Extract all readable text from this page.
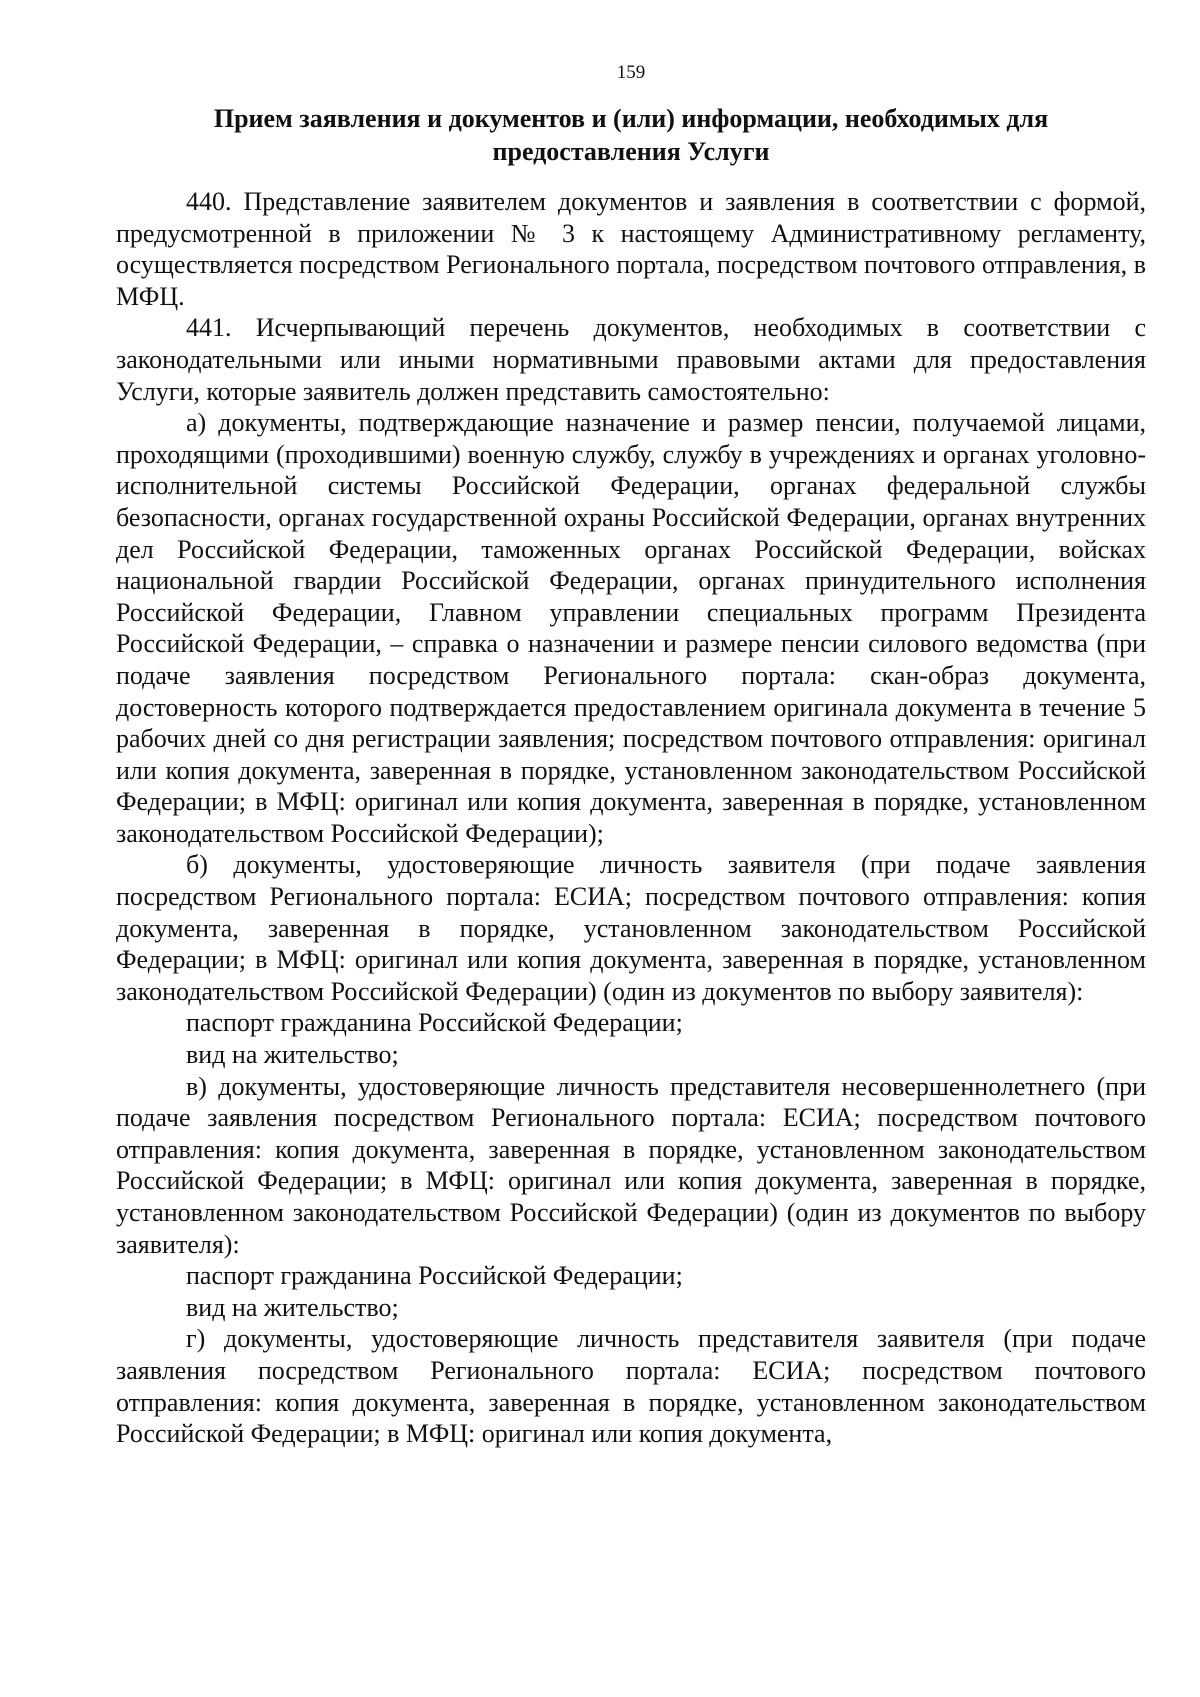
159
Прием заявления и документов и (или) информации, необходимых для
предоставления Услуги

440. Представление заявителем документов и заявления в соответствии с формой, предусмотренной в приложении № 3 к настоящему Административному регламенту, осуществляется посредством Регионального портала, посредством почтового отправления, в МФЦ.

441. Исчерпывающий перечень документов, необходимых в соответствии с законодательными или иными нормативными правовыми актами для предоставления Услуги, которые заявитель должен представить самостоятельно:

а) документы, подтверждающие назначение и размер пенсии, получаемой лицами, проходящими (проходившими) военную службу, службу в учреждениях и органах уголовно-исполнительной системы Российской Федерации, органах федеральной службы безопасности, органах государственной охраны Российской Федерации, органах внутренних дел Российской Федерации, таможенных органах Российской Федерации, войсках национальной гвардии Российской Федерации, органах принудительного исполнения Российской Федерации, Главном управлении специальных программ Президента Российской Федерации, – справка о назначении и размере пенсии силового ведомства (при подаче заявления посредством Регионального портала: скан-образ документа, достоверность которого подтверждается предоставлением оригинала документа в течение 5 рабочих дней со дня регистрации заявления; посредством почтового отправления: оригинал или копия документа, заверенная в порядке, установленном законодательством Российской Федерации; в МФЦ: оригинал или копия документа, заверенная в порядке, установленном законодательством Российской Федерации);

б) документы, удостоверяющие личность заявителя (при подаче заявления посредством Регионального портала: ЕСИА; посредством почтового отправления: копия документа, заверенная в порядке, установленном законодательством Российской Федерации; в МФЦ: оригинал или копия документа, заверенная в порядке, установленном законодательством Российской Федерации) (один из документов по выбору заявителя):

паспорт гражданина Российской Федерации;

вид на жительство;

в) документы, удостоверяющие личность представителя несовершеннолетнего (при подаче заявления посредством Регионального портала: ЕСИА; посредством почтового отправления: копия документа, заверенная в порядке, установленном законодательством Российской Федерации; в МФЦ: оригинал или копия документа, заверенная в порядке, установленном законодательством Российской Федерации) (один из документов по выбору заявителя):

паспорт гражданина Российской Федерации;

вид на жительство;

г) документы, удостоверяющие личность представителя заявителя (при подаче заявления посредством Регионального портала: ЕСИА; посредством почтового отправления: копия документа, заверенная в порядке, установленном законодательством Российской Федерации; в МФЦ: оригинал или копия документа,
